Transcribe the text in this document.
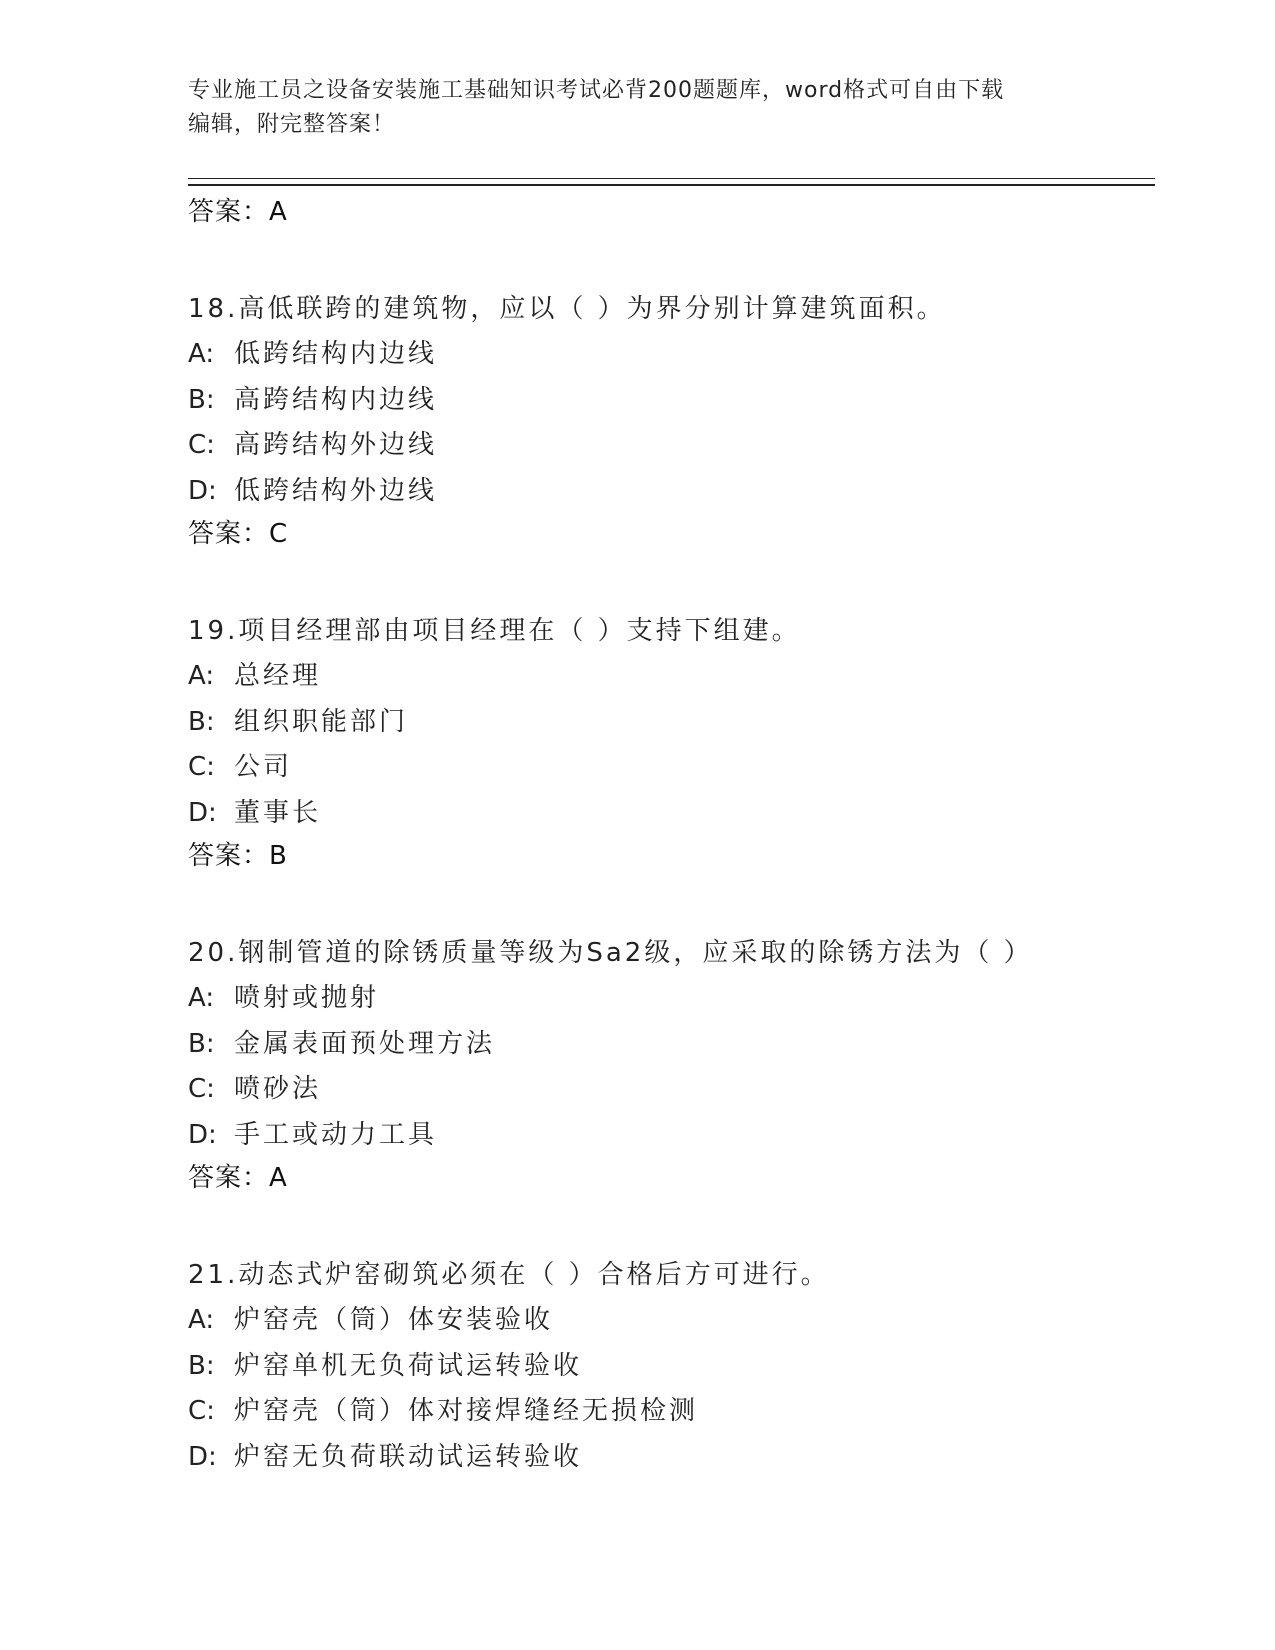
专业施工员之设备安装施工基础知识考试必背200题题库，word格式可自由下载
编辑，附完整答案！
答案：A
18.高低联跨的建筑物，应以（ ）为界分别计算建筑面积。
A: 低跨结构内边线
B: 高跨结构内边线
C: 高跨结构外边线
D: 低跨结构外边线
答案：C
19.项目经理部由项目经理在（ ）支持下组建。
A: 总经理
B: 组织职能部门
C: 公司
D: 董事长
答案：B
20.钢制管道的除锈质量等级为Sa2级，应采取的除锈方法为（ ）
A: 喷射或抛射
B: 金属表面预处理方法
C: 喷砂法
D: 手工或动力工具
答案：A
21.动态式炉窑砌筑必须在（ ）合格后方可进行。
A: 炉窑壳（筒）体安装验收
B: 炉窑单机无负荷试运转验收
C: 炉窑壳（筒）体对接焊缝经无损检测
D: 炉窑无负荷联动试运转验收
